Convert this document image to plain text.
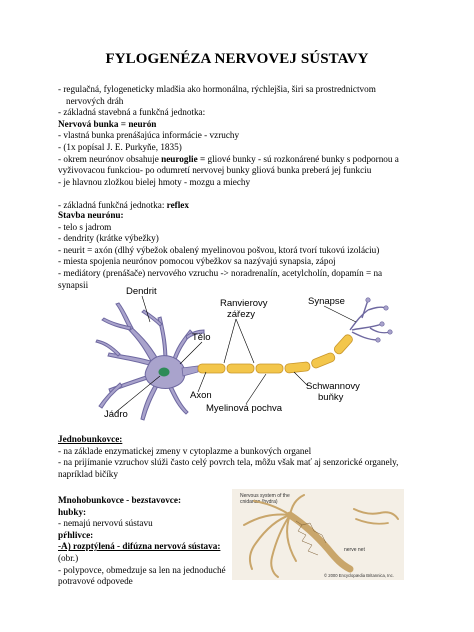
FYLOGENÉZA NERVOVEJ SÚSTAVY

- regulačná, fylogeneticky mladšia ako hormonálna, rýchlejšia, širi sa prostrednictvom

nervových dráh

- základná stavebná a funkčná jednotka:

Nervová bunka = neurón

- vlastná bunka prenášajúca informácie - vzruchy

- (1x popísal J. E. Purkyňe, 1835)

- okrem neurónov obsahuje neuroglie = gliové bunky - sú rozkonárené bunky s podpornou a

vyživovacou funkciou- po odumretí nervovej bunky gliová bunka preberá jej funkciu

- je hlavnou zložkou bielej hmoty - mozgu a miechy

- základná funkčná jednotka: reflex

Stavba neurónu:

- telo s jadrom

- dendrity (krátke výbežky)

- neurit = axón (dlhý výbežok obalený myelinovou pošvou, ktorá tvorí tukovú izoláciu)

- miesta spojenia neurónov pomocou výbežkov sa nazývajú synapsia, zápoj

- mediátory (prenášače) nervového vzruchu -> noradrenalín, acetylcholín, dopamín = na

synapsii

Dendrit
Ranvierovy
zářezy
Synapse
Tělo
Axon
Schwannovy
buňky
Jádro
Myelinová pochva

Jednobunkovce:

- na základe enzymatickej zmeny v cytoplazme a bunkových organel

- na prijímanie vzruchov slúži často celý povrch tela, môžu však mať aj senzorické organely,

napríklad bičíky

Mnohobunkovce - bezstavovce:

hubky:

- nemajú nervovú sústavu

pŕhlivce:

-A) rozptýlená - difúzna nervová sústava: (obr.)

- polypovce, obmedzuje sa len na jednoduché

potravové odpovede

Nervous system of the
cnidarian (hydra)
nerve net
© 2000 Encyclopædia Britannica, Inc.
